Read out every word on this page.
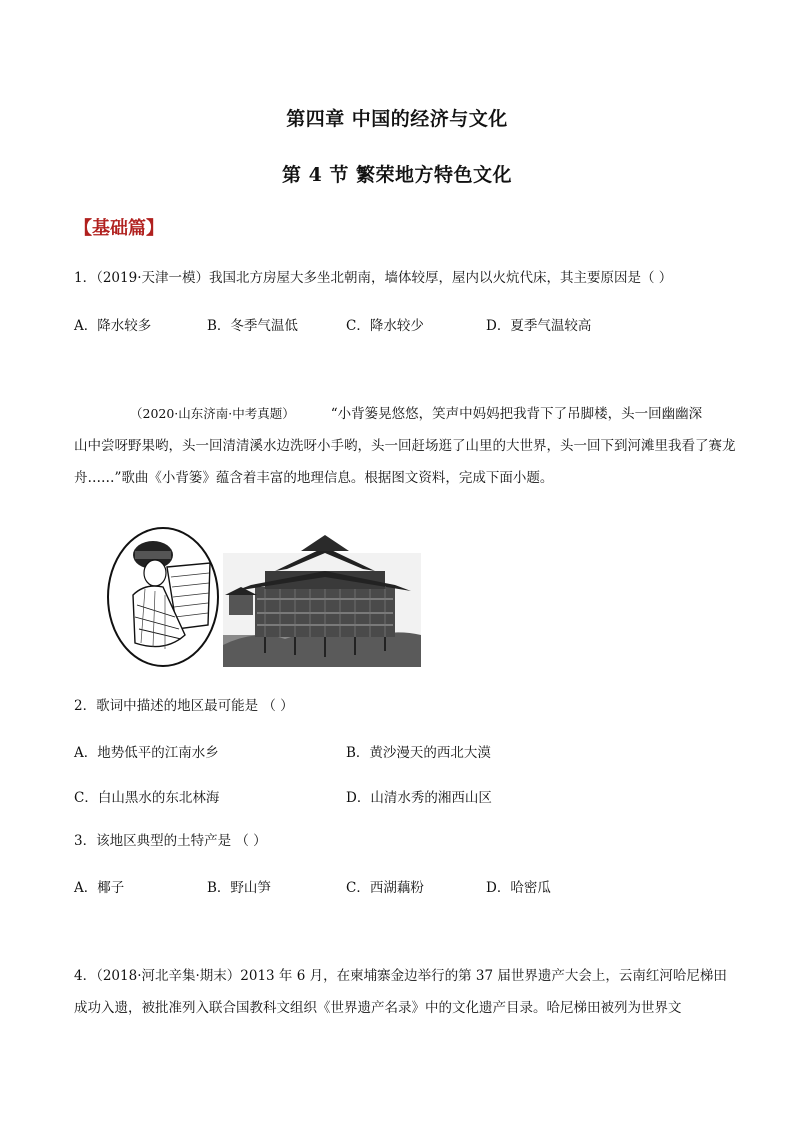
第四章 中国的经济与文化
第 4 节 繁荣地方特色文化
【基础篇】
1．（2019·天津一模）我国北方房屋大多坐北朝南，墙体较厚，屋内以火炕代床，其主要原因是（ ）
A．降水较多	B．冬季气温低	C．降水较少	D．夏季气温较高
（2020·山东济南·中考真题）	“小背篓晃悠悠，笑声中妈妈把我背下了吊脚楼，头一回幽幽深
山中尝呀野果哟，头一回清清溪水边洗呀小手哟，头一回赶场逛了山里的大世界，头一回下到河滩里我看了赛龙舟……”歌曲《小背篓》蕴含着丰富的地理信息。根据图文资料，完成下面小题。
2．歌词中描述的地区最可能是 （ ）
A．地势低平的江南水乡	B．黄沙漫天的西北大漠
C．白山黑水的东北林海	D．山清水秀的湘西山区
3．该地区典型的土特产是 （ ）
A．椰子	B．野山笋	C．西湖藕粉	D．哈密瓜
4．（2018·河北辛集·期末）2013 年 6 月，在柬埔寨金边举行的第 37 届世界遗产大会上，云南红河哈尼梯田成功入遗，被批准列入联合国教科文组织《世界遗产名录》中的文化遗产目录。哈尼梯田被列为世界文
